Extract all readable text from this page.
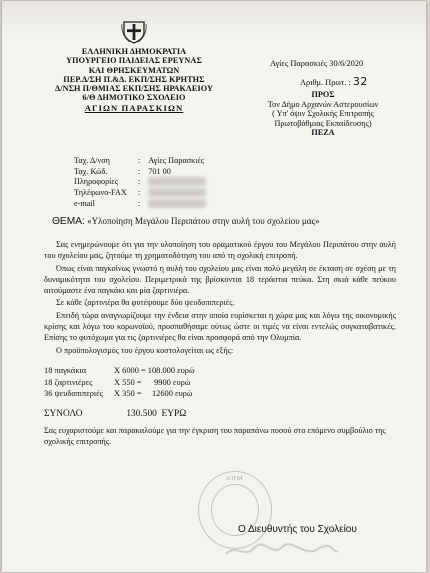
ΕΛΛΗΝΙΚΗ ΔΗΜΟΚΡΑΤΙΑ
ΥΠΟΥΡΓΕΙΟ ΠΑΙΔΕΙΑΣ ΕΡΕΥΝΑΣ
ΚΑΙ ΘΡΗΣΚΕΥΜΑΤΩΝ
ΠΕΡ.Δ/ΣΗ Π.&Δ. ΕΚΠ/ΣΗΣ ΚΡΗΤΗΣ
Δ/ΝΣΗ Π/ΘΜΙΑΣ ΕΚΠ/ΣΗΣ ΗΡΑΚΛΕΙΟΥ
6/Θ ΔΗΜΟΤΙΚΟ ΣΧΟΛΕΙΟ
ΑΓΙΩΝ ΠΑΡΑΣΚΙΩΝ
Αγίες Παρασκιές 30/6/2020
Αριθμ. Πρωτ. : 32
ΠΡΟΣ
Τον Δήμο Αρχανών Αστερουσίων
( Υπ' όψιν Σχολικής Επιτροπής
Πρωτοβάθμιας Εκπαίδευσης)
ΠΕΖΑ
Ταχ. Δ/νση	: Αγίες Παρασκιές
Ταχ. Κώδ.	: 701 00
Πληροφορίες	:
Τηλέφωνο-FAX	:
e-mail	:
ΘΕΜΑ: «Υλοποίηση Μεγάλου Περιπάτου στην αυλή του σχολείου μας»

Σας ενημερώνουμε ότι για την υλοποίηση του οραματικού έργου του Μεγάλου Περιπάτου στην αυλή του σχολείου μας, ζητούμε τη χρηματοδότηση του από τη σχολική επιτροπή.

Όπως είναι παγκοίνως γνωστό η αυλή του σχολείου μας είναι πολύ μεγάλη σε έκταση σε σχέση με τη δυναμικότητα του σχολείου. Περιμετρικά της βρίσκονται 18 τεράστια πεύκα. Στη σκιά κάθε πεύκου αιτούμαστε ένα παγκάκι και μία ζαρτινιέρα.

Σε κάθε ζαρτινιέρα θα φυτέψουμε δύο ψευδοπιπεριές.

Επειδή τώρα αναγνωρίζουμε την ένδεια στην οποία ευρίσκεται η χώρα μας και λόγω της οικονομικής κρίσης και λόγω του κορωνοϊού, προσπαθήσαμε ούτως ώστε οι τιμές να είναι εντελώς συγκαταβατικές. Επίσης το φυτόχωμα για τις ζαρτινιέρες θα είναι προσφορά από την Ολυμπία.

Ο προϋπολογισμός του έργου κοστολογείται ως εξής:

18 παγκάκια	X 6000 = 108.000 ευρώ
18 ζαρτινιέρες	X 550 =      9900 ευρώ
36 ψευδοπιπεριές	X 350 =     12600 ευρώ
ΣΥΝΟΛΟ	130.500  ΕΥΡΩ
Σας ευχαριστούμε και παρακαλούμε για την έγκριση του παραπάνω ποσού στο επόμενο συμβούλιο της σχολικής επιτροπής.
ΔΗΜ
Ο Διευθυντής του Σχολείου
